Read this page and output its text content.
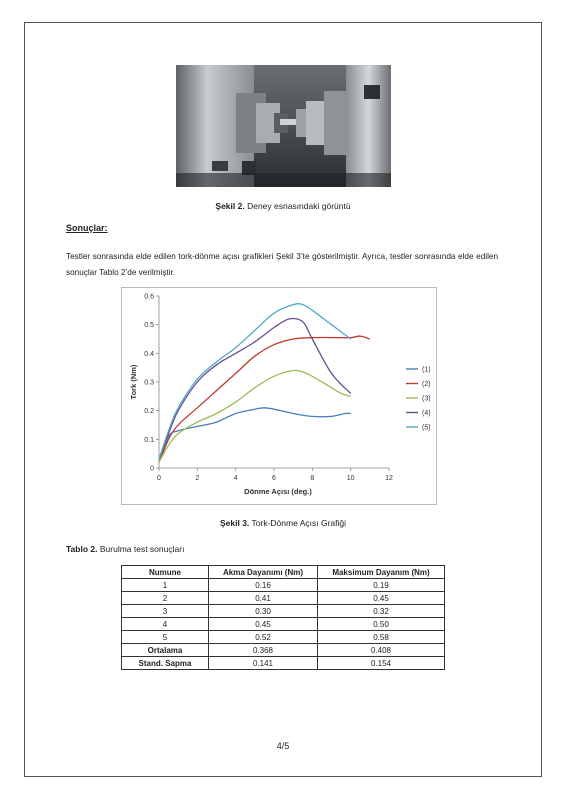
Şekil 2. Deney esnasındaki görüntü
Sonuçlar:
Testler sonrasında elde edilen tork-dönme açısı grafikleri Şekil 3’te gösterilmiştir. Ayrıca, testler sonrasında elde edilen sonuçlar Tablo 2’de verilmiştir.
0	2	4	6	8	10	12
0
0.1
0.2
0.3
0.4
0.5
0.6
Dönme Açısı (deg.)
Tork (Nm)	(1)
(2)
(3)
(4)
(5)
Şekil 3. Tork-Dönme Açısı Grafiği
Tablo 2. Burulma test sonuçları
Numune	Akma Dayanımı (Nm)	Maksimum Dayanım (Nm)
1	0.16	0.19
2	0.41	0.45
3	0.30	0.32
4	0.45	0.50
5	0.52	0.58
Ortalama	0.368	0.408
Stand. Sapma	0.141	0.154
4/5
